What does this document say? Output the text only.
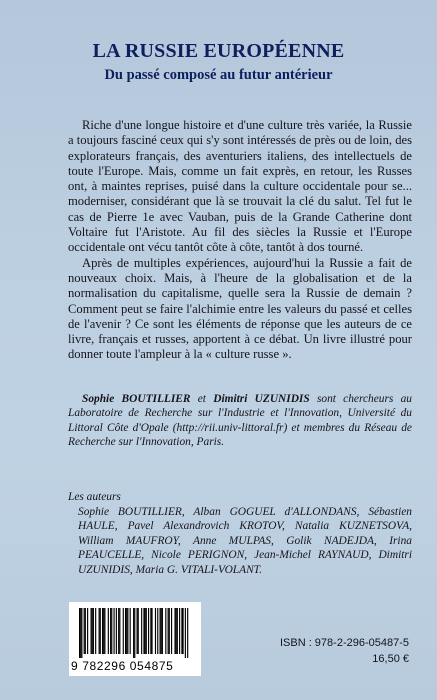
LA RUSSIE EUROPÉENNE
Du passé composé au futur antérieur

Riche d'une longue histoire et d'une culture très variée, la Russie a toujours fasciné ceux qui s'y sont intéressés de près ou de loin, des explorateurs français, des aventuriers italiens, des intellectuels de toute l'Europe. Mais, comme un fait exprès, en retour, les Russes ont, à maintes reprises, puisé dans la culture occidentale pour se... moderniser, considérant que là se trouvait la clé du salut. Tel fut le cas de Pierre 1e avec Vauban, puis de la Grande Catherine dont Voltaire fut l'Aristote. Au fil des siècles la Russie et l'Europe occidentale ont vécu tantôt côte à côte, tantôt à dos tourné.

Après de multiples expériences, aujourd'hui la Russie a fait de nouveaux choix. Mais, à l'heure de la globalisation et de la normalisation du capitalisme, quelle sera la Russie de demain ? Comment peut se faire l'alchimie entre les valeurs du passé et celles de l'avenir ? Ce sont les éléments de réponse que les auteurs de ce livre, français et russes, apportent à ce débat. Un livre illustré pour donner toute l'ampleur à la « culture russe ».

Sophie BOUTILLIER et Dimitri UZUNIDIS sont chercheurs au Laboratoire de Recherche sur l'Industrie et l'Innovation, Université du Littoral Côte d'Opale (http://rii.univ-littoral.fr) et membres du Réseau de Recherche sur l'Innovation, Paris.
Les auteurs
Sophie BOUTILLIER, Alban GOGUEL d'ALLONDANS, Sébastien HAULE, Pavel Alexandrovich KROTOV, Natalia KUZNETSOVA, William MAUFROY, Anne MULPAS, Golik NADEJDA, Irina PEAUCELLE, Nicole PERIGNON, Jean-Michel RAYNAUD, Dimitri UZUNIDIS, Maria G. VITALI-VOLANT.
9 782296 054875
ISBN : 978-2-296-05487-5
16,50 €
